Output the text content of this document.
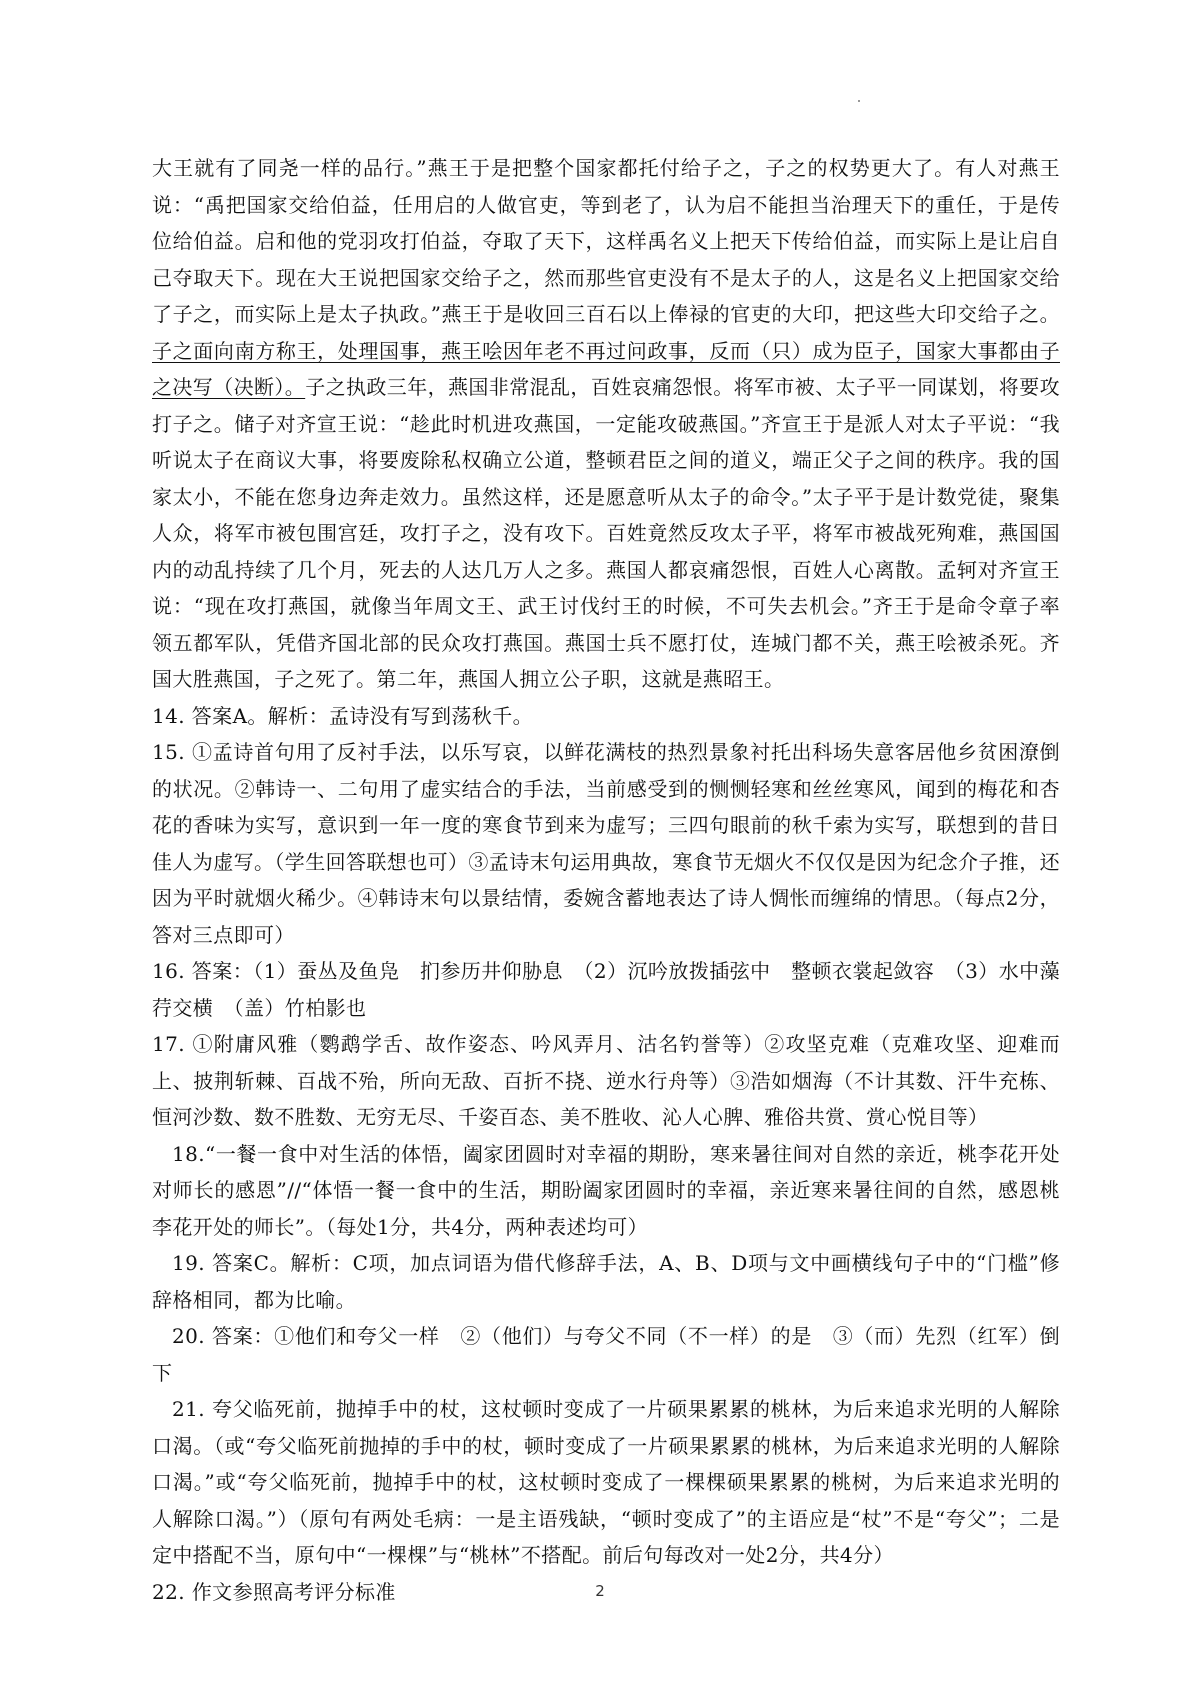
大王就有了同尧一样的品行。”燕王于是把整个国家都托付给子之，子之的权势更大了。有人对燕王说：“禹把国家交给伯益，任用启的人做官吏，等到老了，认为启不能担当治理天下的重任，于是传位给伯益。启和他的党羽攻打伯益，夺取了天下，这样禹名义上把天下传给伯益，而实际上是让启自己夺取天下。现在大王说把国家交给子之，然而那些官吏没有不是太子的人，这是名义上把国家交给了子之，而实际上是太子执政。”燕王于是收回三百石以上俸禄的官吏的大印，把这些大印交给子之。子之面向南方称王，处理国事，燕王哙因年老不再过问政事，反而（只）成为臣子，国家大事都由子之决写（决断）。子之执政三年，燕国非常混乱，百姓哀痛怨恨。将军市被、太子平一同谋划，将要攻打子之。储子对齐宣王说：“趁此时机进攻燕国，一定能攻破燕国。”齐宣王于是派人对太子平说：“我听说太子在商议大事，将要废除私权确立公道，整顿君臣之间的道义，端正父子之间的秩序。我的国家太小，不能在您身边奔走效力。虽然这样，还是愿意听从太子的命令。”太子平于是计数党徒，聚集人众，将军市被包围宫廷，攻打子之，没有攻下。百姓竟然反攻太子平，将军市被战死殉难，燕国国内的动乱持续了几个月，死去的人达几万人之多。燕国人都哀痛怨恨，百姓人心离散。孟轲对齐宣王说：“现在攻打燕国，就像当年周文王、武王讨伐纣王的时候，不可失去机会。”齐王于是命令章子率领五都军队，凭借齐国北部的民众攻打燕国。燕国士兵不愿打仗，连城门都不关，燕王哙被杀死。齐国大胜燕国，子之死了。第二年，燕国人拥立公子职，这就是燕昭王。

14. 答案A。解析：孟诗没有写到荡秋千。

15. ①孟诗首句用了反衬手法，以乐写哀，以鲜花满枝的热烈景象衬托出科场失意客居他乡贫困潦倒的状况。②韩诗一、二句用了虚实结合的手法，当前感受到的恻恻轻寒和丝丝寒风，闻到的梅花和杏花的香味为实写，意识到一年一度的寒食节到来为虚写；三四句眼前的秋千索为实写，联想到的昔日佳人为虚写。（学生回答联想也可）③孟诗末句运用典故，寒食节无烟火不仅仅是因为纪念介子推，还因为平时就烟火稀少。④韩诗末句以景结情，委婉含蓄地表达了诗人惆怅而缠绵的情思。（每点2分，答对三点即可）

16. 答案：（1）蚕丛及鱼凫　扪参历井仰胁息　（2）沉吟放拨插弦中　整顿衣裳起敛容　（3）水中藻荇交横　（盖）竹柏影也

17. ①附庸风雅（鹦鹉学舌、故作姿态、吟风弄月、沽名钓誉等）②攻坚克难（克难攻坚、迎难而上、披荆斩棘、百战不殆，所向无敌、百折不挠、逆水行舟等）③浩如烟海（不计其数、汗牛充栋、恒河沙数、数不胜数、无穷无尽、千姿百态、美不胜收、沁人心脾、雅俗共赏、赏心悦目等）

18.“一餐一食中对生活的体悟，阖家团圆时对幸福的期盼，寒来暑往间对自然的亲近，桃李花开处对师长的感恩”//“体悟一餐一食中的生活，期盼阖家团圆时的幸福，亲近寒来暑往间的自然，感恩桃李花开处的师长”。（每处1分，共4分，两种表述均可）

19. 答案C。解析：C项，加点词语为借代修辞手法，A、B、D项与文中画横线句子中的“门槛”修辞格相同，都为比喻。

20. 答案：①他们和夸父一样　②（他们）与夸父不同（不一样）的是　③（而）先烈（红军）倒下

21. 夸父临死前，抛掉手中的杖，这杖顿时变成了一片硕果累累的桃林，为后来追求光明的人解除口渴。（或“夸父临死前抛掉的手中的杖，顿时变成了一片硕果累累的桃林，为后来追求光明的人解除口渴。”或“夸父临死前，抛掉手中的杖，这杖顿时变成了一棵棵硕果累累的桃树，为后来追求光明的人解除口渴。”）（原句有两处毛病：一是主语残缺，“顿时变成了”的主语应是“杖”不是“夸父”；二是定中搭配不当，原句中“一棵棵”与“桃林”不搭配。前后句每改对一处2分，共4分）

22. 作文参照高考评分标准	2
